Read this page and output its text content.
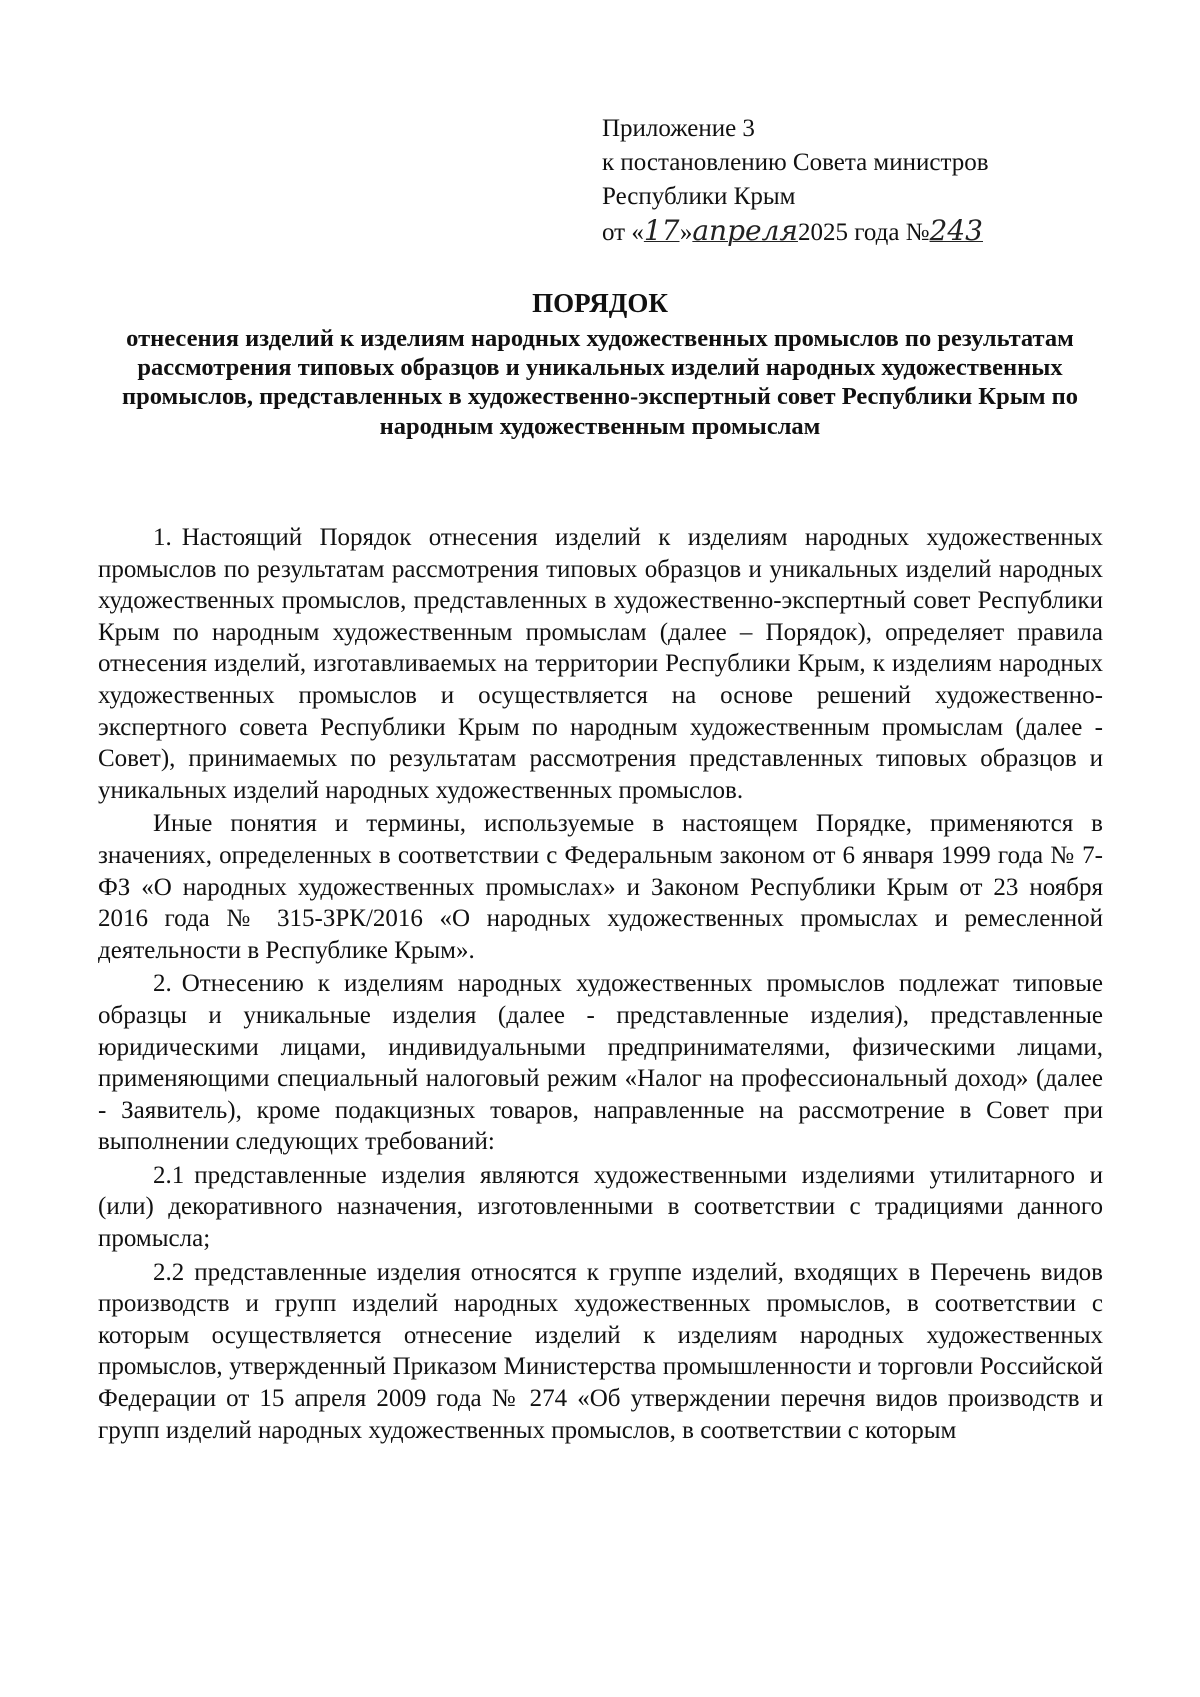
Приложение 3
к постановлению Совета министров
Республики Крым
от «17»апреля2025 года №243
ПОРЯДОК
отнесения изделий к изделиям народных художественных промыслов по результатам рассмотрения типовых образцов и уникальных изделий народных художественных промыслов, представленных в художественно-экспертный совет Республики Крым по народным художественным промыслам

1. Настоящий Порядок отнесения изделий к изделиям народных художественных промыслов по результатам рассмотрения типовых образцов и уникальных изделий народных художественных промыслов, представленных в художественно-экспертный совет Республики Крым по народным художественным промыслам (далее – Порядок), определяет правила отнесения изделий, изготавливаемых на территории Республики Крым, к изделиям народных художественных промыслов и осуществляется на основе решений художественно-экспертного совета Республики Крым по народным художественным промыслам (далее - Совет), принимаемых по результатам рассмотрения представленных типовых образцов и уникальных изделий народных художественных промыслов.

Иные понятия и термины, используемые в настоящем Порядке, применяются в значениях, определенных в соответствии с Федеральным законом от 6 января 1999 года № 7-ФЗ «О народных художественных промыслах» и Законом Республики Крым от 23 ноября 2016 года № 315-ЗРК/2016 «О народных художественных промыслах и ремесленной деятельности в Республике Крым».

2. Отнесению к изделиям народных художественных промыслов подлежат типовые образцы и уникальные изделия (далее - представленные изделия), представленные юридическими лицами, индивидуальными предпринимателями, физическими лицами, применяющими специальный налоговый режим «Налог на профессиональный доход» (далее - Заявитель), кроме подакцизных товаров, направленные на рассмотрение в Совет при выполнении следующих требований:

2.1 представленные изделия являются художественными изделиями утилитарного и (или) декоративного назначения, изготовленными в соответствии с традициями данного промысла;

2.2 представленные изделия относятся к группе изделий, входящих в Перечень видов производств и групп изделий народных художественных промыслов, в соответствии с которым осуществляется отнесение изделий к изделиям народных художественных промыслов, утвержденный Приказом Министерства промышленности и торговли Российской Федерации от 15 апреля 2009 года № 274 «Об утверждении перечня видов производств и групп изделий народных художественных промыслов, в соответствии с которым
